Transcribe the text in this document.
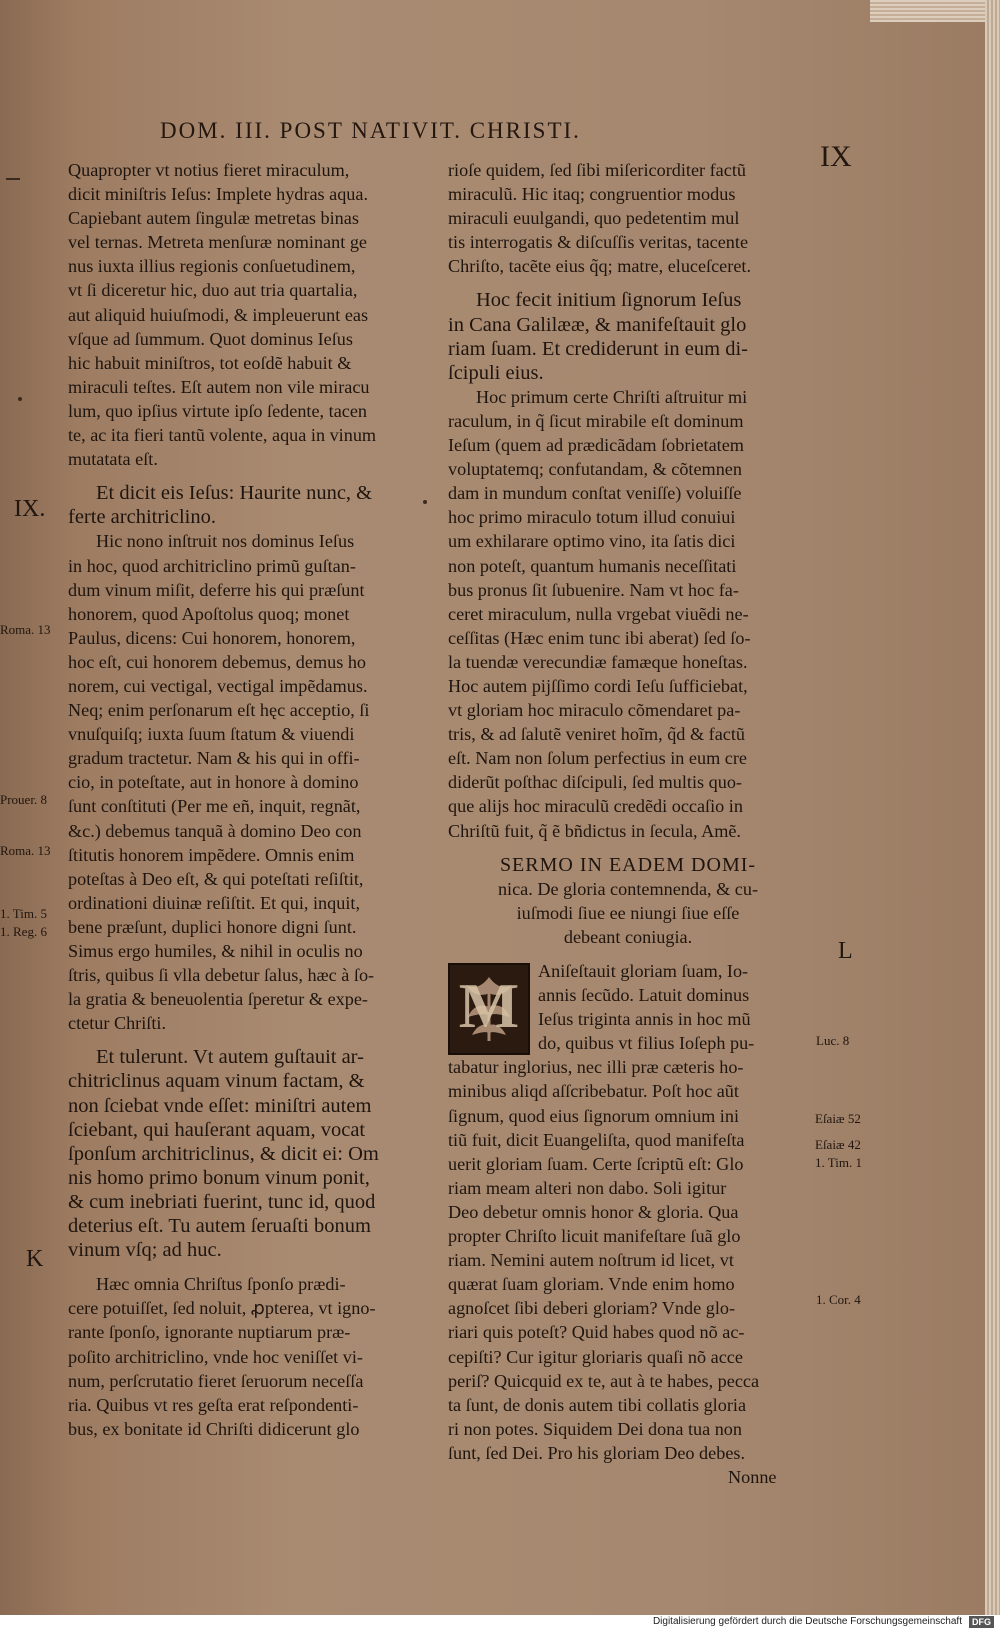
DOM. III. POST NATIVIT. CHRISTI.
IX
Quapropter vt notius fieret miraculum,
dicit miniſtris Ieſus: Implete hydras aqua.
Capiebant autem ſingulæ metretas binas
vel ternas. Metreta menſuræ nominant ge
nus iuxta illius regionis conſuetudinem,
vt ſi diceretur hic, duo aut tria quartalia,
aut aliquid huiuſmodi, & impleuerunt eas
vſque ad ſummum. Quot dominus Ieſus
hic habuit miniſtros, tot eoſdẽ habuit &
miraculi teſtes. Eſt autem non vile miracu
lum, quo ipſius virtute ipſo ſedente, tacen
te, ac ita fieri tantũ volente, aqua in vinum
mutatata eſt.
Et dicit eis Ieſus: Haurite nunc, &
ferte architriclino.
Hic nono inſtruit nos dominus Ieſus
in hoc, quod architriclino primũ guſtan-
dum vinum miſit, deferre his qui præſunt
honorem, quod Apoſtolus quoq; monet
Paulus, dicens: Cui honorem, honorem,
hoc eſt, cui honorem debemus, demus ho
norem, cui vectigal, vectigal impẽdamus.
Neq; enim perſonarum eſt hęc acceptio, ſi
vnuſquiſq; iuxta ſuum ſtatum & viuendi
gradum tractetur. Nam & his qui in offi-
cio, in poteſtate, aut in honore à domino
ſunt conſtituti (Per me eñ, inquit, regnãt,
&c.) debemus tanquã à domino Deo con
ſtitutis honorem impẽdere. Omnis enim
poteſtas à Deo eſt, & qui poteſtati reſiſtit,
ordinationi diuinæ reſiſtit. Et qui, inquit,
bene præſunt, duplici honore digni ſunt.
Simus ergo humiles, & nihil in oculis no
ſtris, quibus ſi vlla debetur ſalus, hæc à ſo-
la gratia & beneuolentia ſperetur & expe-
ctetur Chriſti.
Et tulerunt. Vt autem guſtauit ar-
chitriclinus aquam vinum factam, &
non ſciebat vnde eſſet: miniſtri autem
ſciebant, qui hauſerant aquam, vocat
ſponſum architriclinus, & dicit ei: Om
nis homo primo bonum vinum ponit,
& cum inebriati fuerint, tunc id, quod
deterius eſt. Tu autem ſeruaſti bonum
vinum vſq; ad huc.
Hæc omnia Chriſtus ſponſo prædi-
cere potuiſſet, ſed noluit, ꝓpterea, vt igno-
rante ſponſo, ignorante nuptiarum præ-
poſito architriclino, vnde hoc veniſſet vi-
num, perſcrutatio fieret ſeruorum neceſſa
ria. Quibus vt res geſta erat reſpondenti-
bus, ex bonitate id Chriſti didicerunt glo
rioſe quidem, ſed ſibi miſericorditer factũ
miraculũ. Hic itaq; congruentior modus
miraculi euulgandi, quo pedetentim mul
tis interrogatis & diſcuſſis veritas, tacente
Chriſto, tacẽte eius q̃q; matre, eluceſceret.
Hoc fecit initium ſignorum Ieſus
in Cana Galilææ, & manifeſtauit glo
riam ſuam. Et crediderunt in eum di-
ſcipuli eius.
Hoc primum certe Chriſti aſtruitur mi
raculum, in q̃ ſicut mirabile eſt dominum
Ieſum (quem ad prædicãdam ſobrietatem
voluptatemq; confutandam, & cõtemnen
dam in mundum conſtat veniſſe) voluiſſe
hoc primo miraculo totum illud conuiui
um exhilarare optimo vino, ita ſatis dici
non poteſt, quantum humanis neceſſitati
bus pronus ſit ſubuenire. Nam vt hoc fa-
ceret miraculum, nulla vrgebat viuẽdi ne-
ceſſitas (Hæc enim tunc ibi aberat) ſed ſo-
la tuendæ verecundiæ famæque honeſtas.
Hoc autem pijſſimo cordi Ieſu ſufficiebat,
vt gloriam hoc miraculo cõmendaret pa-
tris, & ad ſalutẽ veniret hoĩm, q̃d & factũ
eſt. Nam non ſolum perfectius in eum cre
diderũt poſthac diſcipuli, ſed multis quo-
que alijs hoc miraculũ credẽdi occaſio in
Chriſtũ fuit, q̃ ẽ bñdictus in ſecula, Amẽ.
SERMO IN EADEM DOMI-
nica. De gloria contemnenda, & cu-
iuſmodi ſiue ee niungi ſiue eſſe
debeant coniugia.
M	Aniſeſtauit gloriam ſuam, Io-
annis ſecũdo. Latuit dominus
Ieſus triginta annis in hoc mũ
do, quibus vt filius Ioſeph pu-
tabatur inglorius, nec illi præ cæteris ho-
minibus aliqd aſſcribebatur. Poſt hoc aũt
ſignum, quod eius ſignorum omnium ini
tiũ fuit, dicit Euangeliſta, quod manifeſta
uerit gloriam ſuam. Certe ſcriptũ eſt: Glo
riam meam alteri non dabo. Soli igitur
Deo debetur omnis honor & gloria. Qua
propter Chriſto licuit manifeſtare ſuã glo
riam. Nemini autem noſtrum id licet, vt
quærat ſuam gloriam. Vnde enim homo
agnoſcet ſibi deberi gloriam? Vnde glo-
riari quis poteſt? Quid habes quod nõ ac-
cepiſti? Cur igitur gloriaris quaſi nõ acce
periſ? Quicquid ex te, aut à te habes, pecca
ta ſunt, de donis autem tibi collatis gloria
ri non potes. Siquidem Dei dona tua non
ſunt, ſed Dei. Pro his gloriam Deo debes.
Nonne
IX.
Roma. 13
Prouer. 8
Roma. 13
1. Tim. 5
1. Reg. 6
K
L
Luc. 8
Eſaiæ 52
Eſaiæ 42
1. Tim. 1
1. Cor. 4
Digitalisierung gefördert durch die Deutsche Forschungsgemeinschaft	DFG
